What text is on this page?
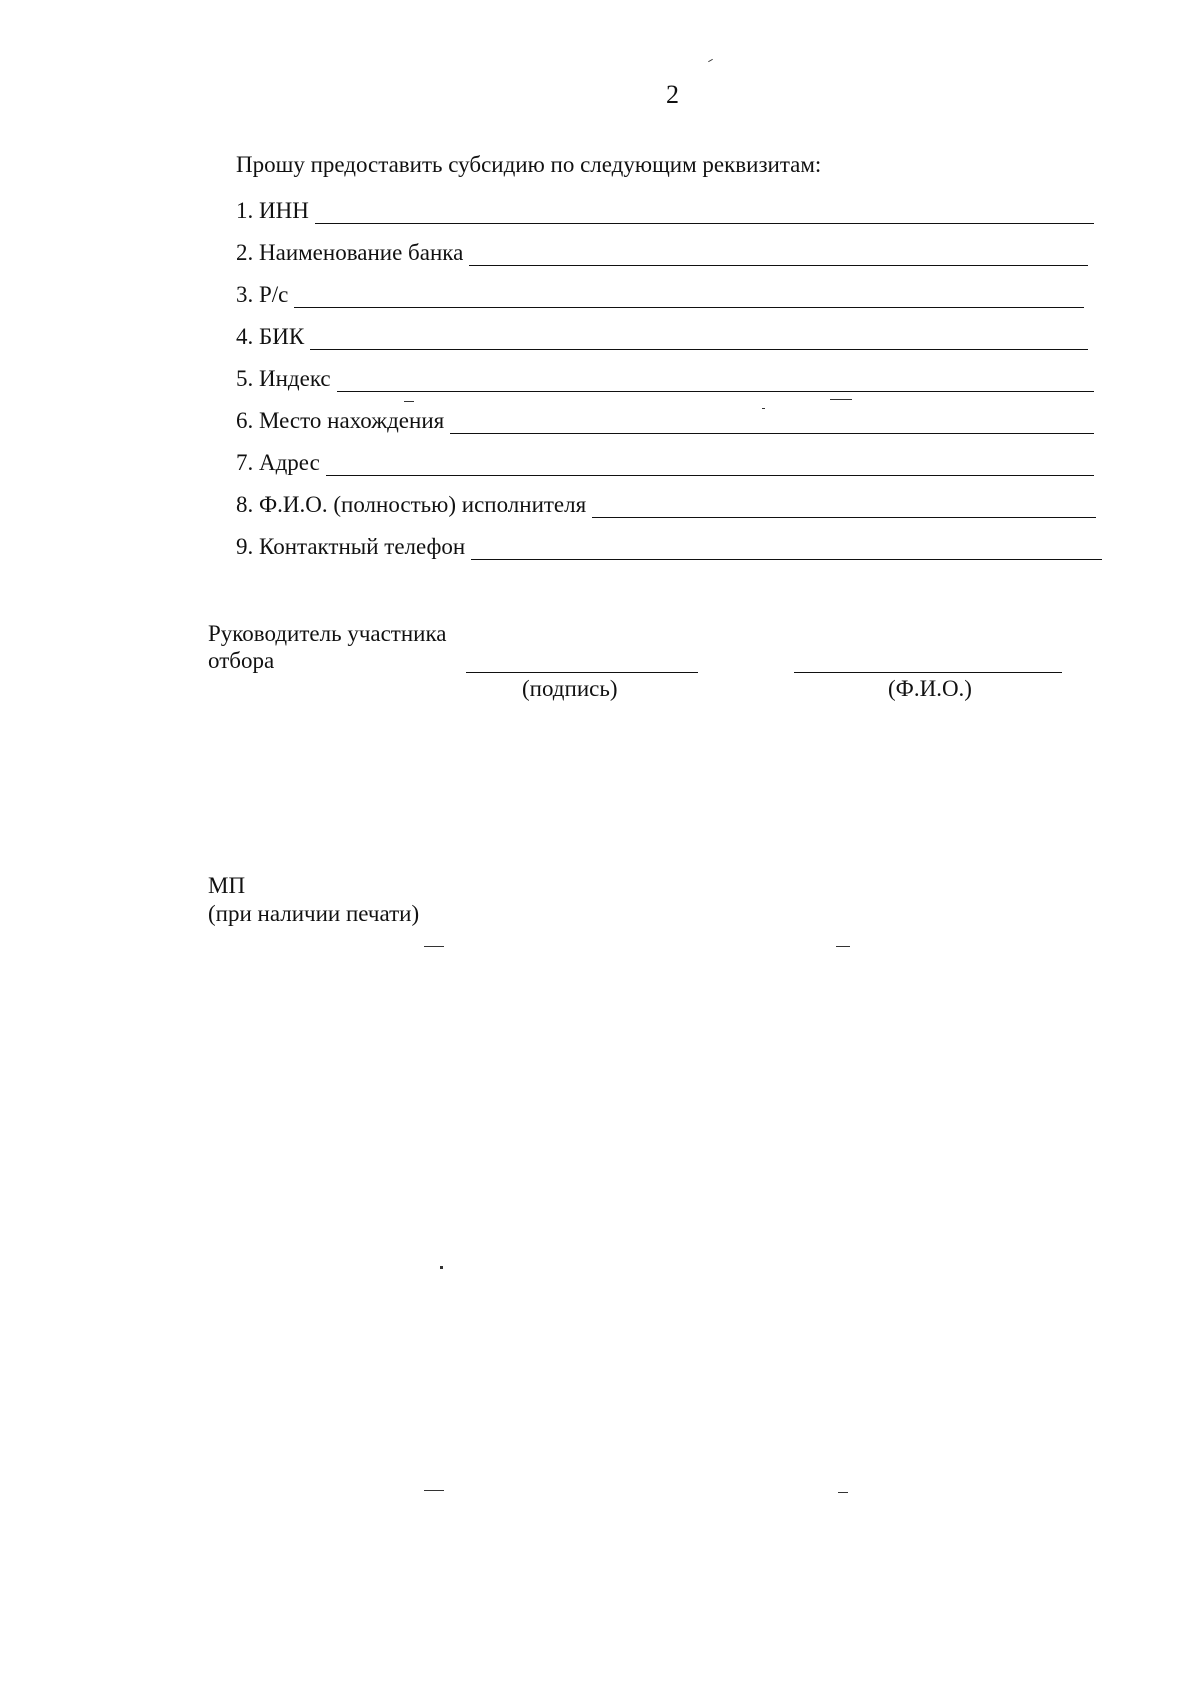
2
Прошу предоставить субсидию по следующим реквизитам:
1. ИНН
2. Наименование банка
3. Р/с
4. БИК
5. Индекс
6. Место нахождения
7. Адрес
8. Ф.И.О. (полностью) исполнителя
9. Контактный телефон
Руководитель участника
отбора
(подпись)	(Ф.И.О.)
МП
(при наличии печати)
